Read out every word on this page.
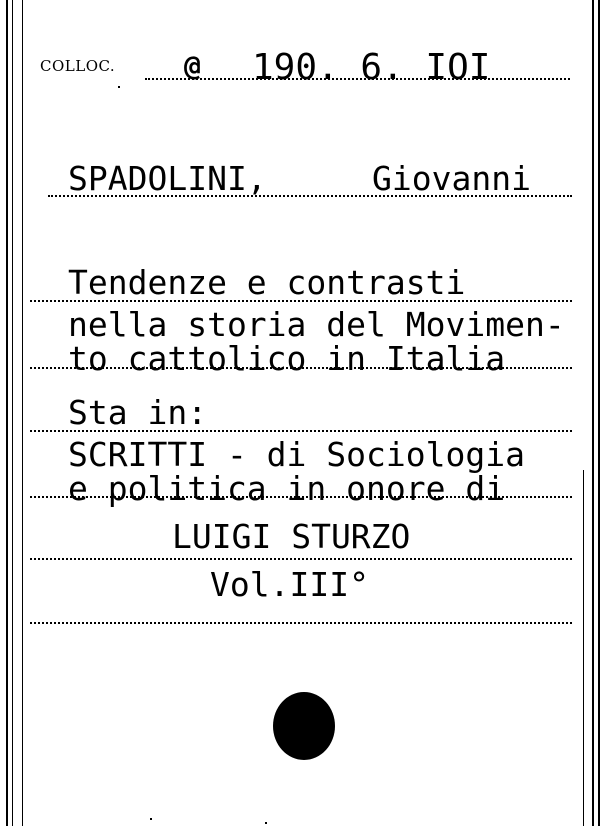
COLLOC. @ 190. 6. IOI
SPADOLINI,	Giovanni
Tendenze e contrasti
nella storia del Movimen-
to cattolico in Italia
Sta in:
SCRITTI - di Sociologia
e politica in onore di
LUIGI STURZO
Vol.III°
